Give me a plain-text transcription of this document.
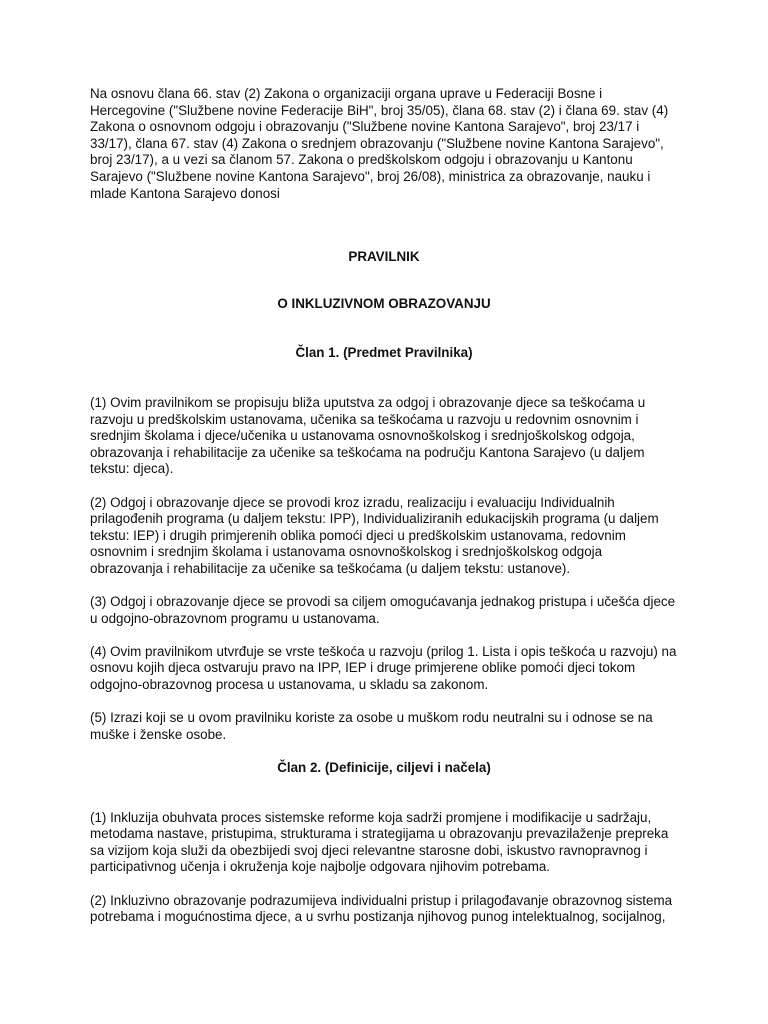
Na osnovu člana 66. stav (2) Zakona o organizaciji organa uprave u Federaciji Bosne i Hercegovine ("Službene novine Federacije BiH", broj 35/05), člana 68. stav (2) i člana 69. stav (4) Zakona o osnovnom odgoju i obrazovanju ("Službene novine Kantona Sarajevo", broj 23/17 i 33/17), člana 67. stav (4) Zakona o srednjem obrazovanju ("Službene novine Kantona Sarajevo", broj 23/17), a u vezi sa članom 57. Zakona o predškolskom odgoju i obrazovanju u Kantonu Sarajevo ("Službene novine Kantona Sarajevo", broj 26/08), ministrica za obrazovanje, nauku i mlade Kantona Sarajevo donosi

PRAVILNIK

O INKLUZIVNOM OBRAZOVANJU

Član 1. (Predmet Pravilnika)

(1) Ovim pravilnikom se propisuju bliža uputstva za odgoj i obrazovanje djece sa teškoćama u razvoju u predškolskim ustanovama, učenika sa teškoćama u razvoju u redovnim osnovnim i srednjim školama i djece/učenika u ustanovama osnovnoškolskog i srednjoškolskog odgoja, obrazovanja i rehabilitacije za učenike sa teškoćama na području Kantona Sarajevo (u daljem tekstu: djeca).

(2) Odgoj i obrazovanje djece se provodi kroz izradu, realizaciju i evaluaciju Individualnih prilagođenih programa (u daljem tekstu: IPP), Individualiziranih edukacijskih programa (u daljem tekstu: IEP) i drugih primjerenih oblika pomoći djeci u predškolskim ustanovama, redovnim osnovnim i srednjim školama i ustanovama osnovnoškolskog i srednjoškolskog odgoja obrazovanja i rehabilitacije za učenike sa teškoćama (u daljem tekstu: ustanove).

(3) Odgoj i obrazovanje djece se provodi sa ciljem omogućavanja jednakog pristupa i učešća djece u odgojno-obrazovnom programu u ustanovama.

(4) Ovim pravilnikom utvrđuje se vrste teškoća u razvoju (prilog 1. Lista i opis teškoća u razvoju) na osnovu kojih djeca ostvaruju pravo na IPP, IEP i druge primjerene oblike pomoći djeci tokom odgojno-obrazovnog procesa u ustanovama, u skladu sa zakonom.

(5) Izrazi koji se u ovom pravilniku koriste za osobe u muškom rodu neutralni su i odnose se na muške i ženske osobe.

Član 2. (Definicije, ciljevi i načela)

(1) Inkluzija obuhvata proces sistemske reforme koja sadrži promjene i modifikacije u sadržaju, metodama nastave, pristupima, strukturama i strategijama u obrazovanju prevazilaženje prepreka sa vizijom koja služi da obezbijedi svoj djeci relevantne starosne dobi, iskustvo ravnopravnog i participativnog učenja i okruženja koje najbolje odgovara njihovim potrebama.

(2) Inkluzivno obrazovanje podrazumijeva individualni pristup i prilagođavanje obrazovnog sistema potrebama i mogućnostima djece, a u svrhu postizanja njihovog punog intelektualnog, socijalnog,
